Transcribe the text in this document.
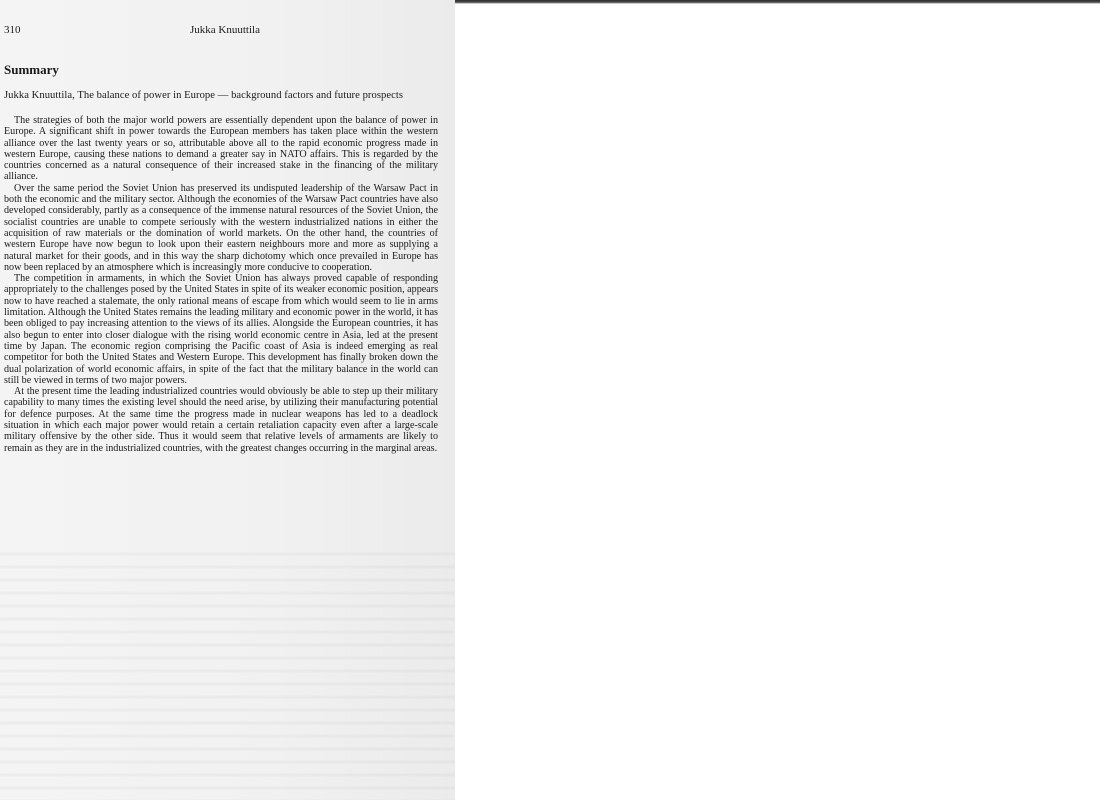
310	Jukka Knuuttila
Summary

Jukka Knuuttila, The balance of power in Europe — background factors and future prospects

The strategies of both the major world powers are essentially dependent upon the balance of power in Europe. A significant shift in power towards the European members has taken place within the western alliance over the last twenty years or so, attributable above all to the rapid economic progress made in western Europe, causing these nations to demand a greater say in NATO affairs. This is regarded by the countries concerned as a natural consequence of their increased stake in the financing of the military alliance.

Over the same period the Soviet Union has preserved its undisputed leadership of the Warsaw Pact in both the economic and the military sector. Although the economies of the Warsaw Pact countries have also developed considerably, partly as a consequence of the immense natural resources of the Soviet Union, the socialist countries are unable to compete seriously with the western industrialized nations in either the acquisition of raw materials or the domination of world markets. On the other hand, the countries of western Europe have now begun to look upon their eastern neighbours more and more as supplying a natural market for their goods, and in this way the sharp dichotomy which once prevailed in Europe has now been replaced by an atmosphere which is increasingly more conducive to cooperation.

The competition in armaments, in which the Soviet Union has always proved capable of responding appropriately to the challenges posed by the United States in spite of its weaker economic position, appears now to have reached a stalemate, the only rational means of escape from which would seem to lie in arms limitation. Although the United States remains the leading military and economic power in the world, it has been obliged to pay increasing attention to the views of its allies. Alongside the European countries, it has also begun to enter into closer dialogue with the rising world economic centre in Asia, led at the present time by Japan. The economic region comprising the Pacific coast of Asia is indeed emerging as real competitor for both the United States and Western Europe. This development has finally broken down the dual polarization of world economic affairs, in spite of the fact that the military balance in the world can still be viewed in terms of two major powers.

At the present time the leading industrialized countries would obviously be able to step up their military capability to many times the existing level should the need arise, by utilizing their manufacturing potential for defence purposes. At the same time the progress made in nuclear weapons has led to a deadlock situation in which each major power would retain a certain retaliation capacity even after a large-scale military offensive by the other side. Thus it would seem that relative levels of armaments are likely to remain as they are in the industrialized countries, with the greatest changes occurring in the marginal areas.
